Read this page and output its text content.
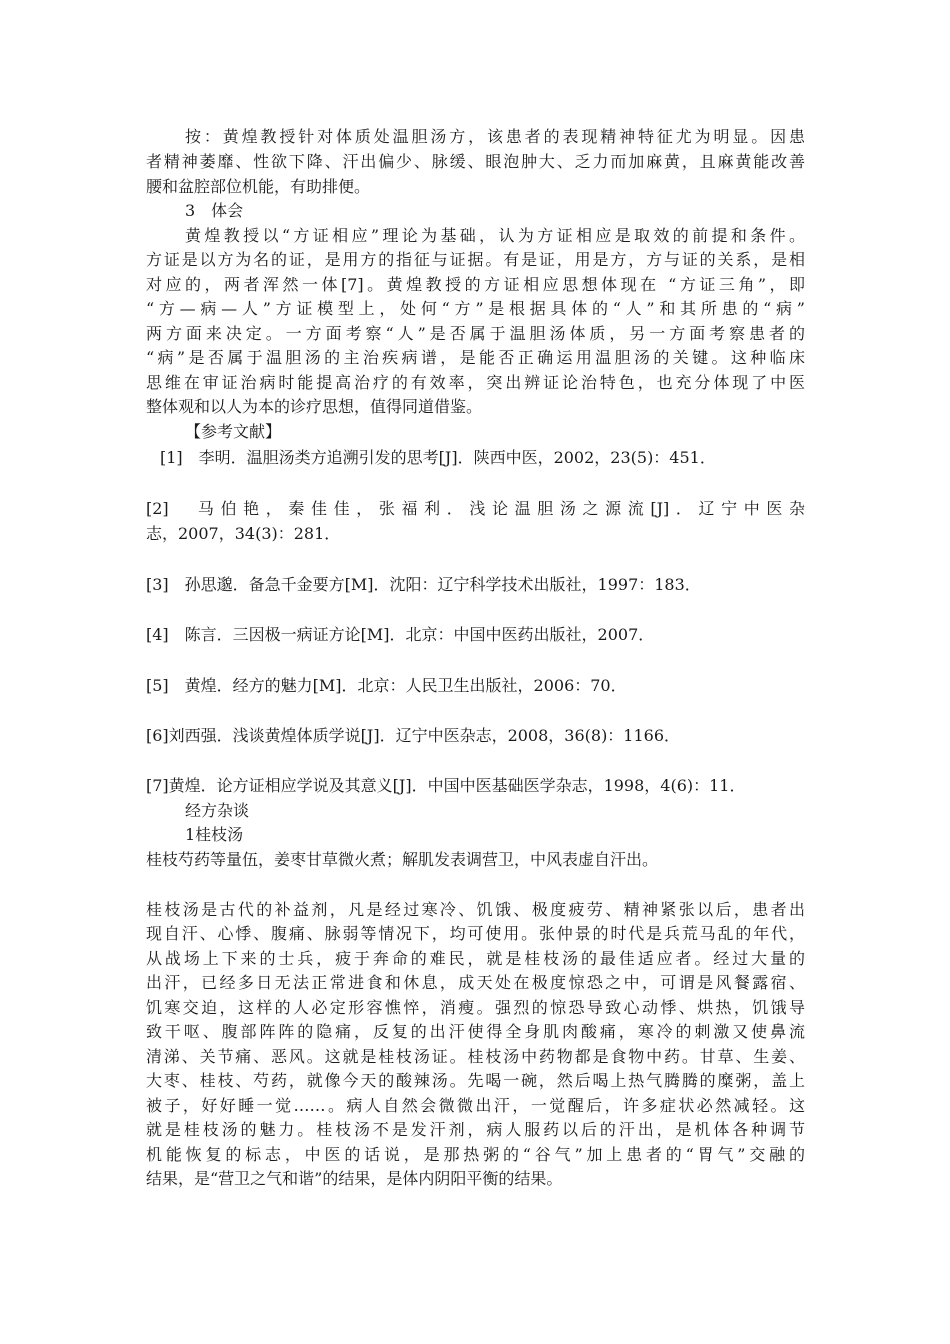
按：黄煌教授针对体质处温胆汤方，该患者的表现精神特征尤为明显。因患
者精神萎靡、性欲下降、汗出偏少、脉缓、眼泡肿大、乏力而加麻黄，且麻黄能改善
腰和盆腔部位机能，有助排便。
3　体会
黄煌教授以“方证相应”理论为基础，认为方证相应是取效的前提和条件。
方证是以方为名的证，是用方的指征与证据。有是证，用是方，方与证的关系，是相
对应的，两者浑然一体[7]。黄煌教授的方证相应思想体现在 “方证三角”，即
“方—病—人”方证模型上，处何“方”是根据具体的“人”和其所患的“病”
两方面来决定。一方面考察“人”是否属于温胆汤体质，另一方面考察患者的
“病”是否属于温胆汤的主治疾病谱，是能否正确运用温胆汤的关键。这种临床
思维在审证治病时能提高治疗的有效率，突出辨证论治特色，也充分体现了中医
整体观和以人为本的诊疗思想，值得同道借鉴。
【参考文献】
[1]　李明．温胆汤类方追溯引发的思考[J]．陕西中医，2002，23(5)：451．
[2]　马伯艳，秦佳佳，张福利．浅论温胆汤之源流[J]．辽宁中医杂
志，2007，34(3)：281．
[3]　孙思邈．备急千金要方[M]．沈阳：辽宁科学技术出版社，1997：183．
[4]　陈言．三因极一病证方论[M]．北京：中国中医药出版社，2007．
[5]　黄煌．经方的魅力[M]．北京：人民卫生出版社，2006：70．
[6]刘西强．浅谈黄煌体质学说[J]．辽宁中医杂志，2008，36(8)：1166．
[7]黄煌．论方证相应学说及其意义[J]．中国中医基础医学杂志，1998，4(6)：11．
经方杂谈
1桂枝汤
桂枝芍药等量伍，姜枣甘草微火煮；解肌发表调营卫，中风表虚自汗出。
桂枝汤是古代的补益剂，凡是经过寒冷、饥饿、极度疲劳、精神紧张以后，患者出
现自汗、心悸、腹痛、脉弱等情况下，均可使用。张仲景的时代是兵荒马乱的年代，
从战场上下来的士兵，疲于奔命的难民，就是桂枝汤的最佳适应者。经过大量的
出汗，已经多日无法正常进食和休息，成天处在极度惊恐之中，可谓是风餐露宿、
饥寒交迫，这样的人必定形容憔悴，消瘦。强烈的惊恐导致心动悸、烘热，饥饿导
致干呕、腹部阵阵的隐痛，反复的出汗使得全身肌肉酸痛，寒冷的刺激又使鼻流
清涕、关节痛、恶风。这就是桂枝汤证。桂枝汤中药物都是食物中药。甘草、生姜、
大枣、桂枝、芍药，就像今天的酸辣汤。先喝一碗，然后喝上热气腾腾的糜粥，盖上
被子，好好睡一觉……。病人自然会微微出汗，一觉醒后，许多症状必然减轻。这
就是桂枝汤的魅力。桂枝汤不是发汗剂，病人服药以后的汗出，是机体各种调节
机能恢复的标志，中医的话说，是那热粥的“谷气”加上患者的“胃气”交融的
结果，是“营卫之气和谐”的结果，是体内阴阳平衡的结果。
